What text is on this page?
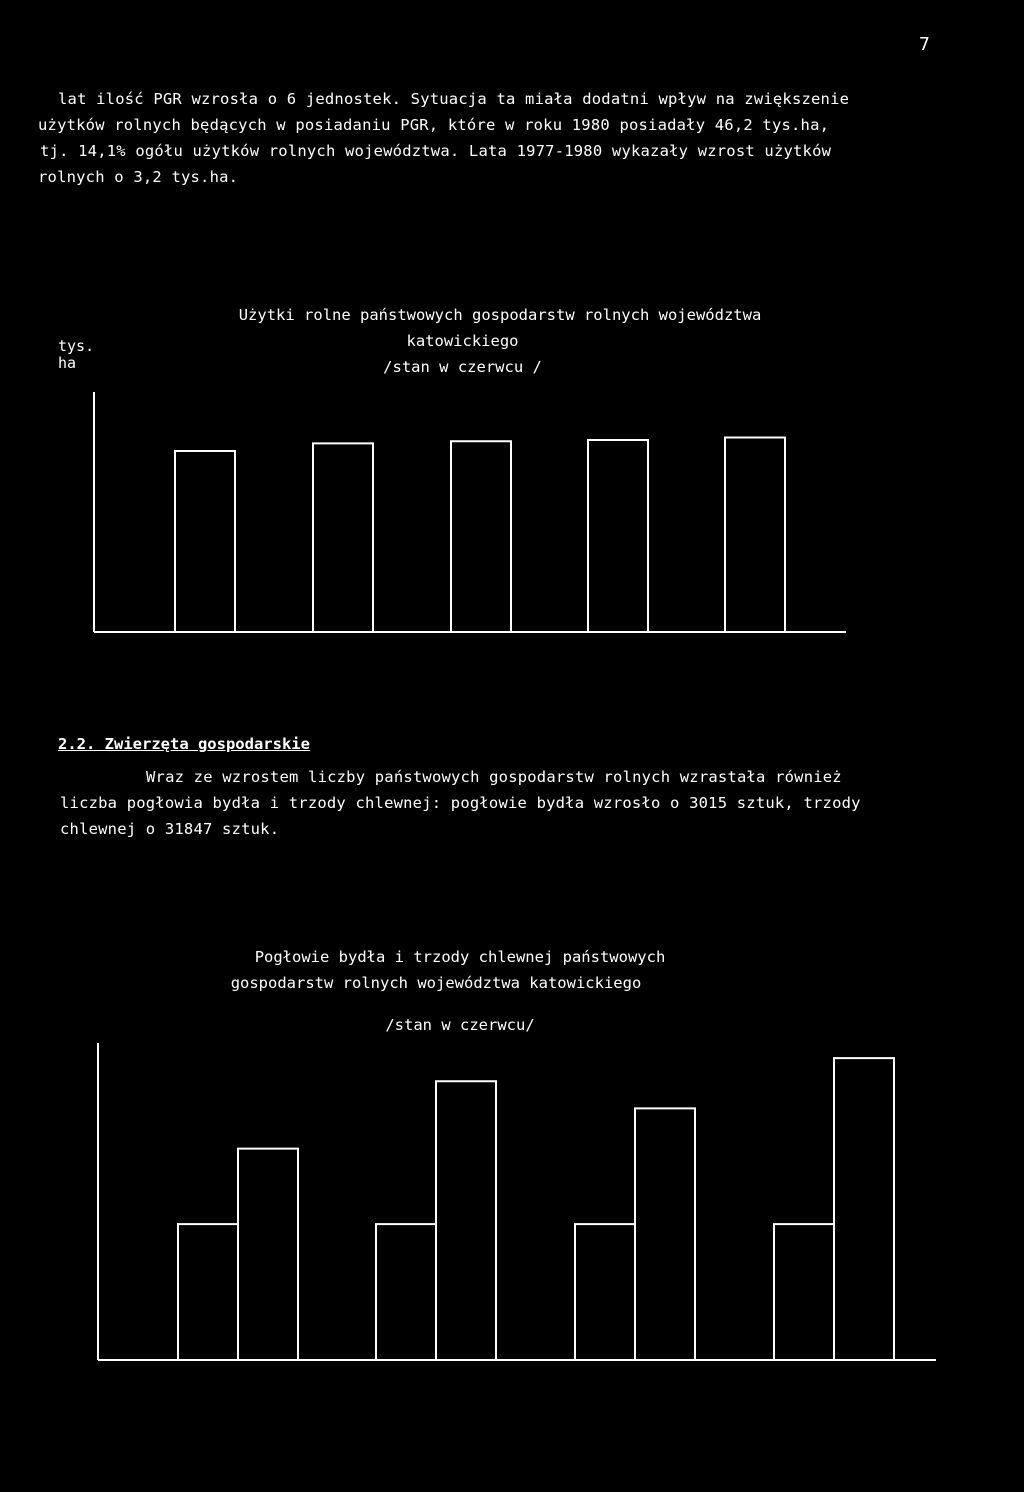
7
lat ilość PGR wzrosła o 6 jednostek. Sytuacja ta miała dodatni wpływ na zwiększenie
użytków rolnych będących w posiadaniu PGR, które w roku 1980 posiadały 46,2 tys.ha,
tj. 14,1% ogółu użytków rolnych województwa. Lata 1977-1980 wykazały wzrost użytków
rolnych o 3,2 tys.ha.
Użytki rolne państwowych gospodarstw rolnych województwa
katowickiego
/stan w czerwcu /
tys.
ha
2.2. Zwierzęta gospodarskie
Wraz ze wzrostem liczby państwowych gospodarstw rolnych wzrastała również
liczba pogłowia bydła i trzody chlewnej: pogłowie bydła wzrosło o 3015 sztuk, trzody
chlewnej o 31847 sztuk.
Pogłowie bydła i trzody chlewnej państwowych
gospodarstw rolnych województwa katowickiego
/stan w czerwcu/
